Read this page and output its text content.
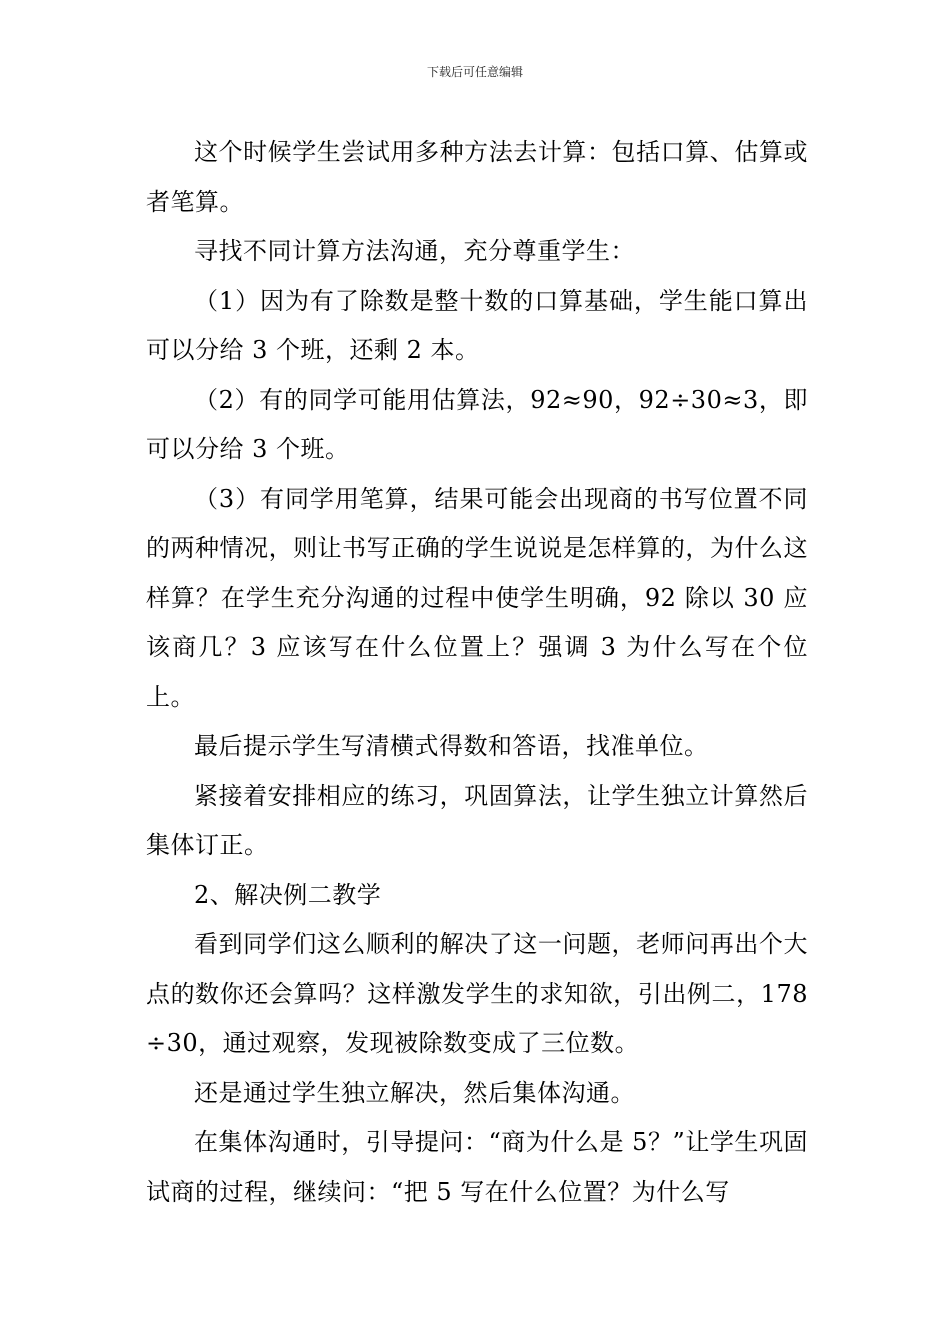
下载后可任意编辑

这个时候学生尝试用多种方法去计算：包括口算、估算或者笔算。

寻找不同计算方法沟通，充分尊重学生：

（1）因为有了除数是整十数的口算基础，学生能口算出可以分给 3 个班，还剩 2 本。

（2）有的同学可能用估算法，92≈90，92÷30≈3，即可以分给 3 个班。

（3）有同学用笔算，结果可能会出现商的书写位置不同的两种情况，则让书写正确的学生说说是怎样算的，为什么这样算？在学生充分沟通的过程中使学生明确，92 除以 30 应该商几？3 应该写在什么位置上？强调 3 为什么写在个位上。

最后提示学生写清横式得数和答语，找准单位。

紧接着安排相应的练习，巩固算法，让学生独立计算然后集体订正。

2、解决例二教学

看到同学们这么顺利的解决了这一问题，老师问再出个大点的数你还会算吗？这样激发学生的求知欲，引出例二，178÷30，通过观察，发现被除数变成了三位数。

还是通过学生独立解决，然后集体沟通。

在集体沟通时，引导提问：“商为什么是 5？”让学生巩固试商的过程，继续问：“把 5 写在什么位置？为什么写
